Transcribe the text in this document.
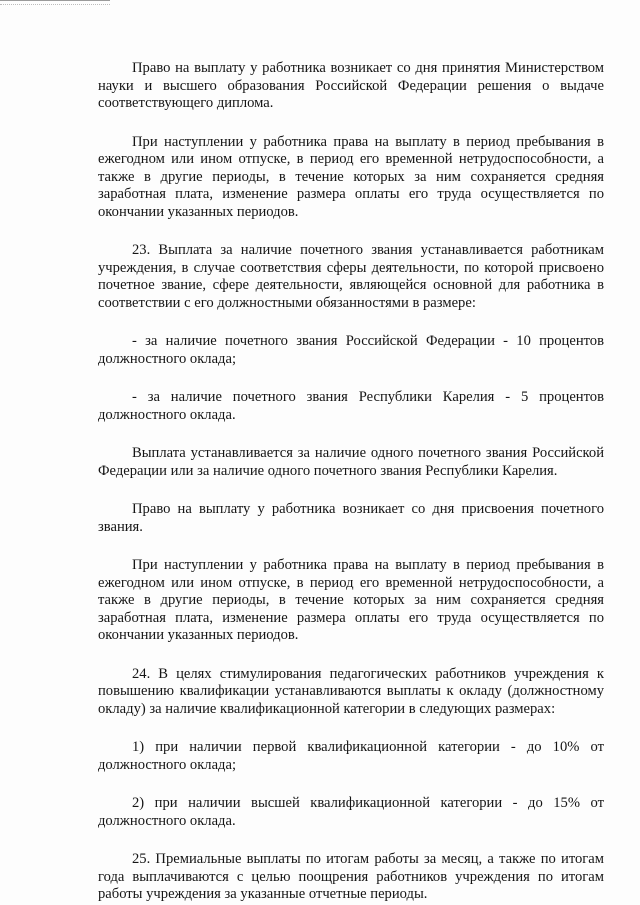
Право на выплату у работника возникает со дня принятия Министерством науки и высшего образования Российской Федерации решения о выдаче соответствующего диплома.

При наступлении у работника права на выплату в период пребывания в ежегодном или ином отпуске, в период его временной нетрудоспособности, а также в другие периоды, в течение которых за ним сохраняется средняя заработная плата, изменение размера оплаты его труда осуществляется по окончании указанных периодов.

23. Выплата за наличие почетного звания устанавливается работникам учреждения, в случае соответствия сферы деятельности, по которой присвоено почетное звание, сфере деятельности, являющейся основной для работника в соответствии с его должностными обязанностями в размере:

- за наличие почетного звания Российской Федерации - 10 процентов должностного оклада;

- за наличие почетного звания Республики Карелия - 5 процентов должностного оклада.

Выплата устанавливается за наличие одного почетного звания Российской Федерации или за наличие одного почетного звания Республики Карелия.

Право на выплату у работника возникает со дня присвоения почетного звания.

При наступлении у работника права на выплату в период пребывания в ежегодном или ином отпуске, в период его временной нетрудоспособности, а также в другие периоды, в течение которых за ним сохраняется средняя заработная плата, изменение размера оплаты его труда осуществляется по окончании указанных периодов.

24. В целях стимулирования педагогических работников учреждения к повышению квалификации устанавливаются выплаты к окладу (должностному окладу) за наличие квалификационной категории в следующих размерах:

1) при наличии первой квалификационной категории - до 10% от должностного оклада;

2) при наличии высшей квалификационной категории - до 15% от должностного оклада.

25. Премиальные выплаты по итогам работы за месяц, а также по итогам года выплачиваются с целью поощрения работников учреждения по итогам работы учреждения за указанные отчетные периоды.
